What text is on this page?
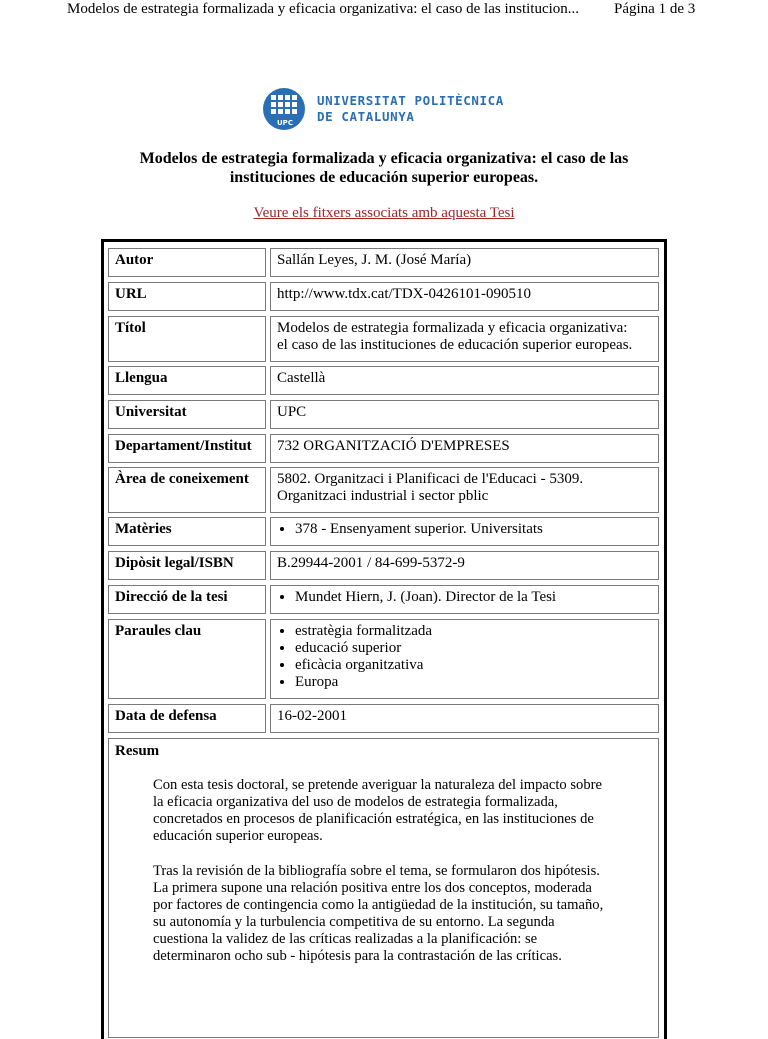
Modelos de estrategia formalizada y eficacia organizativa: el caso de las institucion... Página 1 de 3
UPC
UNIVERSITAT POLITÈCNICA
DE CATALUNYA
Modelos de estrategia formalizada y eficacia organizativa: el caso de las
instituciones de educación superior europeas.
Veure els fitxers associats amb aquesta Tesi
Autor	Sallán Leyes, J. M. (José María)
URL	http://www.tdx.cat/TDX-0426101-090510
Títol	Modelos de estrategia formalizada y eficacia organizativa:
el caso de las instituciones de educación superior europeas.
Llengua	Castellà
Universitat	UPC
Departament/Institut	732 ORGANITZACIÓ D'EMPRESES
Àrea de coneixement	5802. Organitzaci i Planificaci de l'Educaci - 5309.
Organitzaci industrial i sector pblic
Matèries	• 378 - Ensenyament superior. Universitats
Dipòsit legal/ISBN	B.29944-2001 / 84-699-5372-9
Direcció de la tesi	• Mundet Hiern, J. (Joan). Director de la Tesi
Paraules clau	• estratègia formalitzada
• educació superior
• eficàcia organitzativa
• Europa
Data de defensa	16-02-2001
Resum

Con esta tesis doctoral, se pretende averiguar la naturaleza del impacto sobre la eficacia organizativa del uso de modelos de estrategia formalizada, concretados en procesos de planificación estratégica, en las instituciones de educación superior europeas.

Tras la revisión de la bibliografía sobre el tema, se formularon dos hipótesis. La primera supone una relación positiva entre los dos conceptos, moderada por factores de contingencia como la antigüedad de la institución, su tamaño, su autonomía y la turbulencia competitiva de su entorno. La segunda cuestiona la validez de las críticas realizadas a la planificación: se determinaron ocho sub - hipótesis para la contrastación de las críticas.
